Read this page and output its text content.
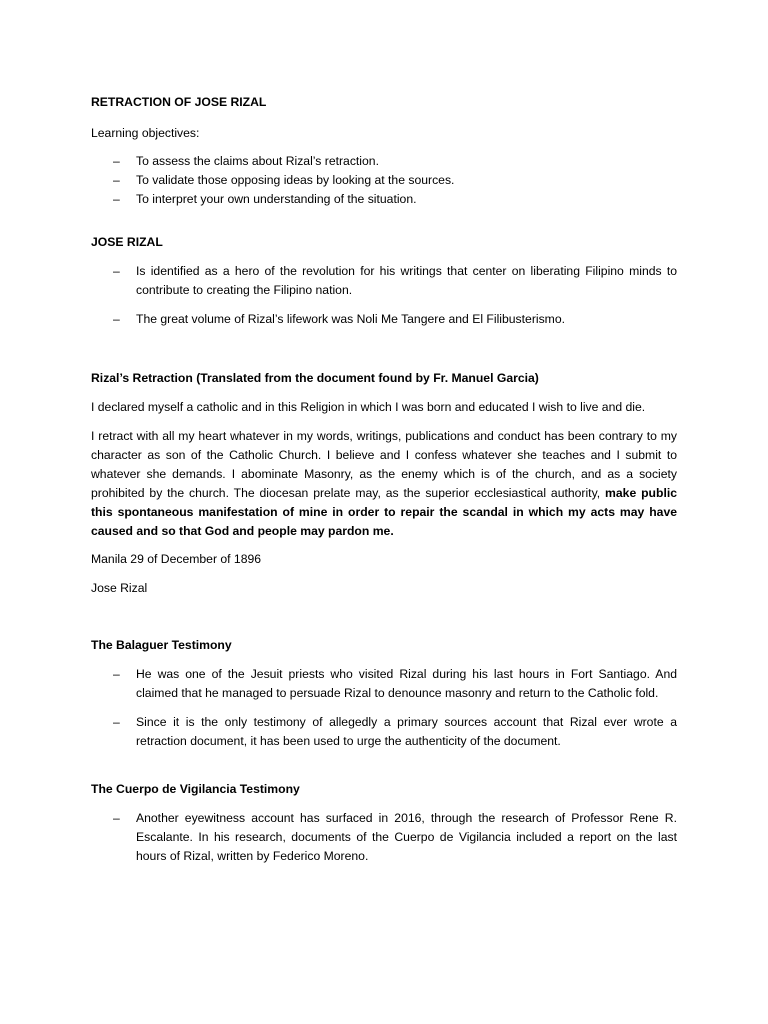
RETRACTION OF JOSE RIZAL

Learning objectives:

– To assess the claims about Rizal’s retraction.
– To validate those opposing ideas by looking at the sources.
– To interpret your own understanding of the situation.

JOSE RIZAL

– Is identified as a hero of the revolution for his writings that center on liberating Filipino minds to contribute to creating the Filipino nation.
– The great volume of Rizal’s lifework was Noli Me Tangere and El Filibusterismo.

Rizal’s Retraction (Translated from the document found by Fr. Manuel Garcia)

I declared myself a catholic and in this Religion in which I was born and educated I wish to live and die.

I retract with all my heart whatever in my words, writings, publications and conduct has been contrary to my character as son of the Catholic Church. I believe and I confess whatever she teaches and I submit to whatever she demands. I abominate Masonry, as the enemy which is of the church, and as a society prohibited by the church. The diocesan prelate may, as the superior ecclesiastical authority, make public this spontaneous manifestation of mine in order to repair the scandal in which my acts may have caused and so that God and people may pardon me.

Manila 29 of December of 1896

Jose Rizal

The Balaguer Testimony

– He was one of the Jesuit priests who visited Rizal during his last hours in Fort Santiago. And claimed that he managed to persuade Rizal to denounce masonry and return to the Catholic fold.
– Since it is the only testimony of allegedly a primary sources account that Rizal ever wrote a retraction document, it has been used to urge the authenticity of the document.

The Cuerpo de Vigilancia Testimony

– Another eyewitness account has surfaced in 2016, through the research of Professor Rene R. Escalante. In his research, documents of the Cuerpo de Vigilancia included a report on the last hours of Rizal, written by Federico Moreno.
